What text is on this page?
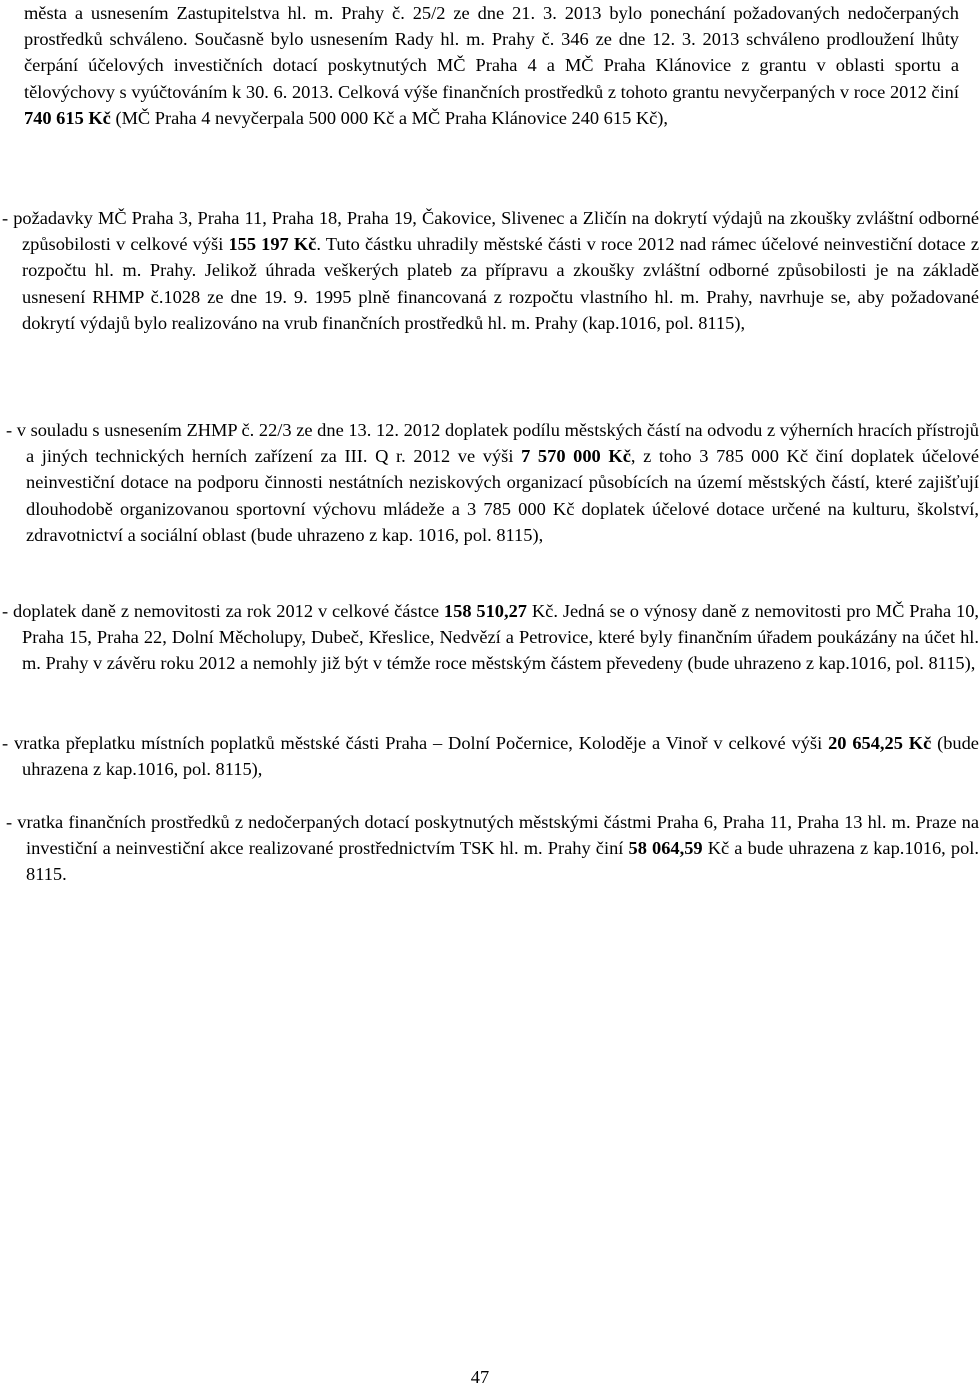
města a usnesením Zastupitelstva hl. m. Prahy č. 25/2 ze dne 21. 3. 2013 bylo ponechání požadovaných nedočerpaných prostředků schváleno. Současně bylo usnesením Rady hl. m. Prahy č. 346 ze dne 12. 3. 2013 schváleno prodloužení lhůty čerpání účelových investičních dotací poskytnutých MČ Praha 4 a MČ Praha Klánovice z grantu v oblasti sportu a tělovýchovy s vyúčtováním k 30. 6. 2013. Celková výše finančních prostředků z tohoto grantu nevyčerpaných v roce 2012 činí 740 615 Kč (MČ Praha 4 nevyčerpala 500 000 Kč a MČ Praha Klánovice 240 615 Kč),

- požadavky MČ Praha 3, Praha 11, Praha 18, Praha 19, Čakovice, Slivenec a Zličín na dokrytí výdajů na zkoušky zvláštní odborné způsobilosti v celkové výši 155 197 Kč. Tuto částku uhradily městské části v roce 2012 nad rámec účelové neinvestiční dotace z rozpočtu hl. m. Prahy. Jelikož úhrada veškerých plateb za přípravu a zkoušky zvláštní odborné způsobilosti je na základě usnesení RHMP č.1028 ze dne 19. 9. 1995 plně financovaná z rozpočtu vlastního hl. m. Prahy, navrhuje se, aby požadované dokrytí výdajů bylo realizováno na vrub finančních prostředků hl. m. Prahy (kap.1016, pol. 8115),

- v souladu s usnesením ZHMP č. 22/3 ze dne 13. 12. 2012 doplatek podílu městských částí na odvodu z výherních hracích přístrojů a jiných technických herních zařízení za III. Q r. 2012 ve výši 7 570 000 Kč, z toho 3 785 000 Kč činí doplatek účelové neinvestiční dotace na podporu činnosti nestátních neziskových organizací působících na území městských částí, které zajišťují dlouhodobě organizovanou sportovní výchovu mládeže a 3 785 000 Kč doplatek účelové dotace určené na kulturu, školství, zdravotnictví a sociální oblast (bude uhrazeno z kap. 1016, pol. 8115),

- doplatek daně z nemovitosti za rok 2012 v celkové částce 158 510,27 Kč. Jedná se o výnosy daně z nemovitosti pro MČ Praha 10, Praha 15, Praha 22, Dolní Měcholupy, Dubeč, Křeslice, Nedvězí a Petrovice, které byly finančním úřadem poukázány na účet hl. m. Prahy v závěru roku 2012 a nemohly již být v témže roce městským částem převedeny (bude uhrazeno z kap.1016, pol. 8115),

- vratka přeplatku místních poplatků městské části Praha – Dolní Počernice, Koloděje a Vinoř v celkové výši 20 654,25 Kč (bude uhrazena z kap.1016, pol. 8115),

- vratka finančních prostředků z nedočerpaných dotací poskytnutých městskými částmi Praha 6, Praha 11, Praha 13 hl. m. Praze na investiční a neinvestiční akce realizované prostřednictvím TSK hl. m. Prahy činí 58 064,59 Kč a bude uhrazena z kap.1016, pol. 8115.

47
